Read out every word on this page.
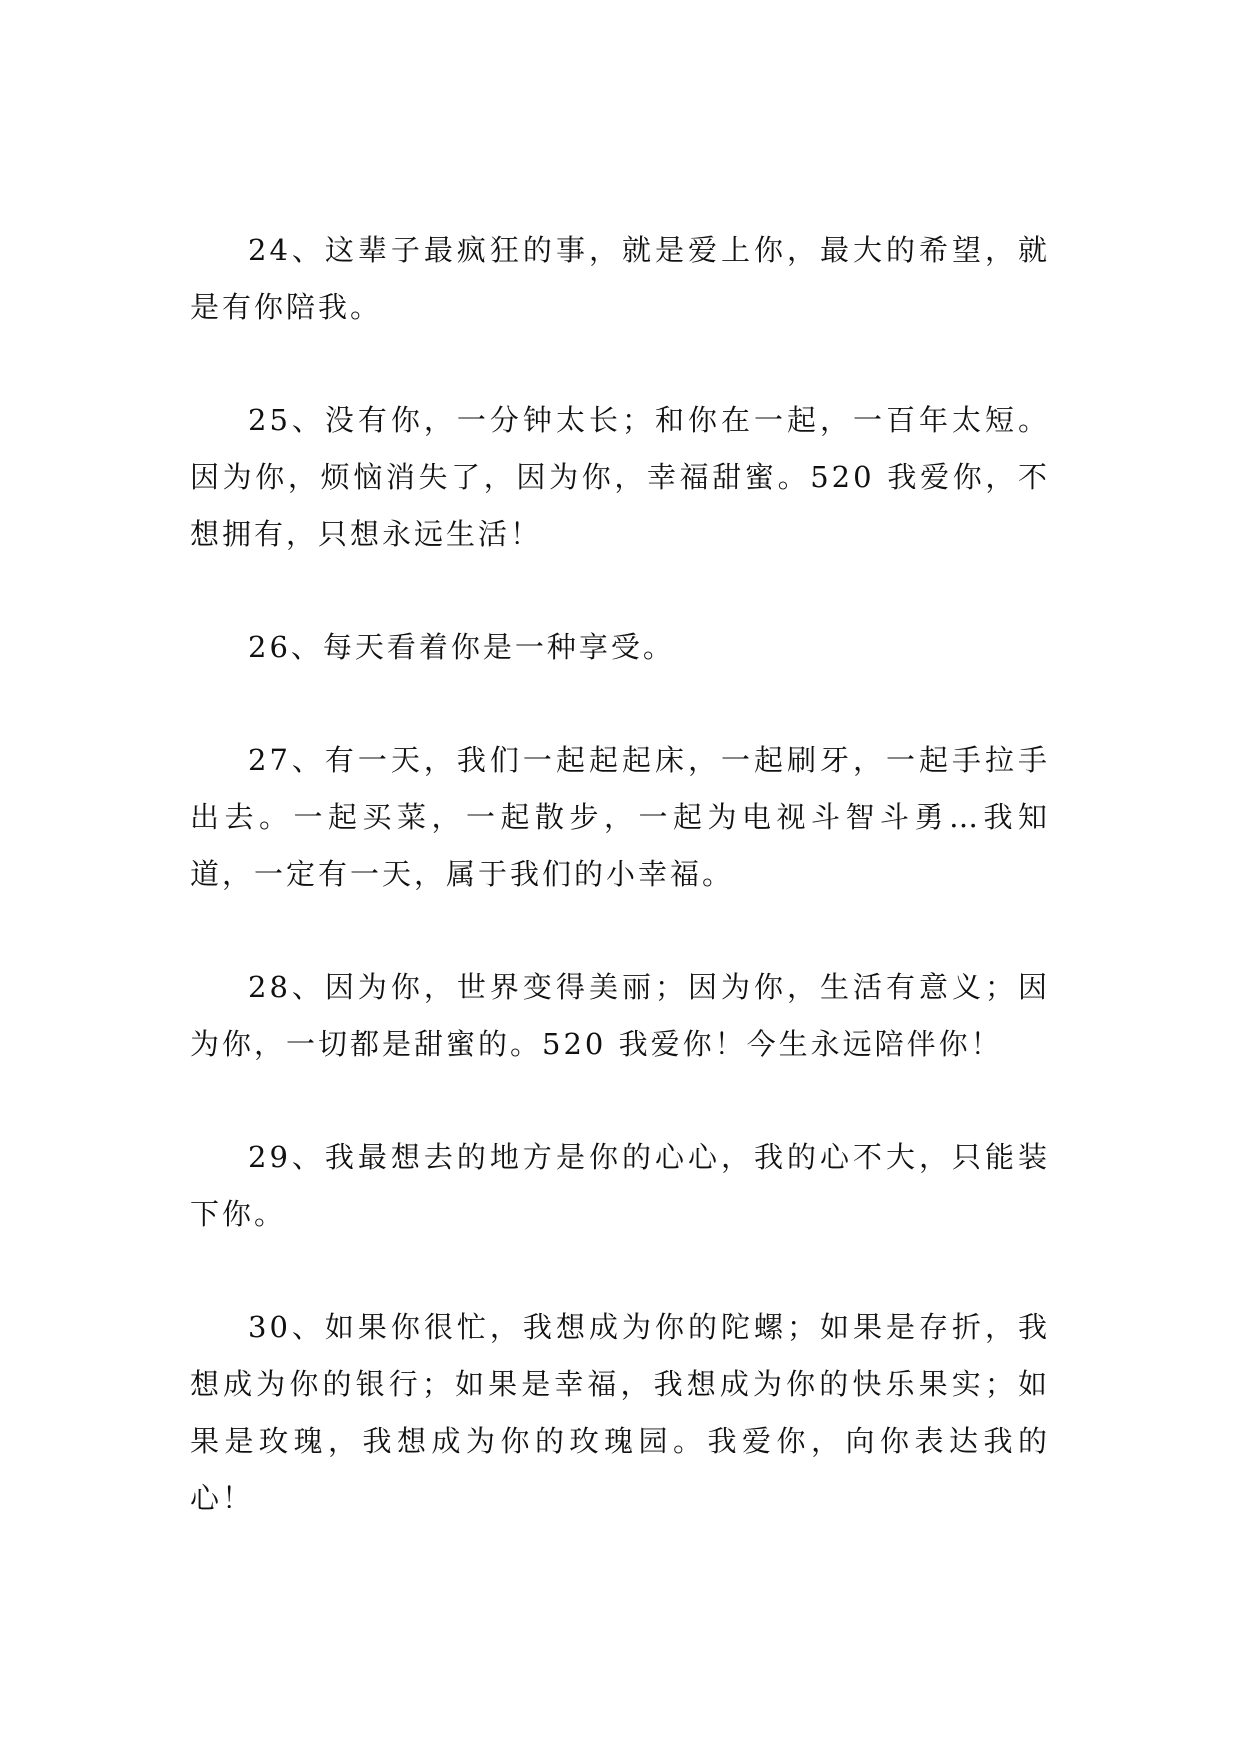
24、这辈子最疯狂的事，就是爱上你，最大的希望，就是有你陪我。

25、没有你，一分钟太长；和你在一起，一百年太短。因为你，烦恼消失了，因为你，幸福甜蜜。520 我爱你，不想拥有，只想永远生活！

26、每天看着你是一种享受。

27、有一天，我们一起起起床，一起刷牙，一起手拉手出去。一起买菜，一起散步，一起为电视斗智斗勇…我知道，一定有一天，属于我们的小幸福。

28、因为你，世界变得美丽；因为你，生活有意义；因为你，一切都是甜蜜的。520 我爱你！今生永远陪伴你！

29、我最想去的地方是你的心心，我的心不大，只能装下你。

30、如果你很忙，我想成为你的陀螺；如果是存折，我想成为你的银行；如果是幸福，我想成为你的快乐果实；如果是玫瑰，我想成为你的玫瑰园。我爱你，向你表达我的心！
